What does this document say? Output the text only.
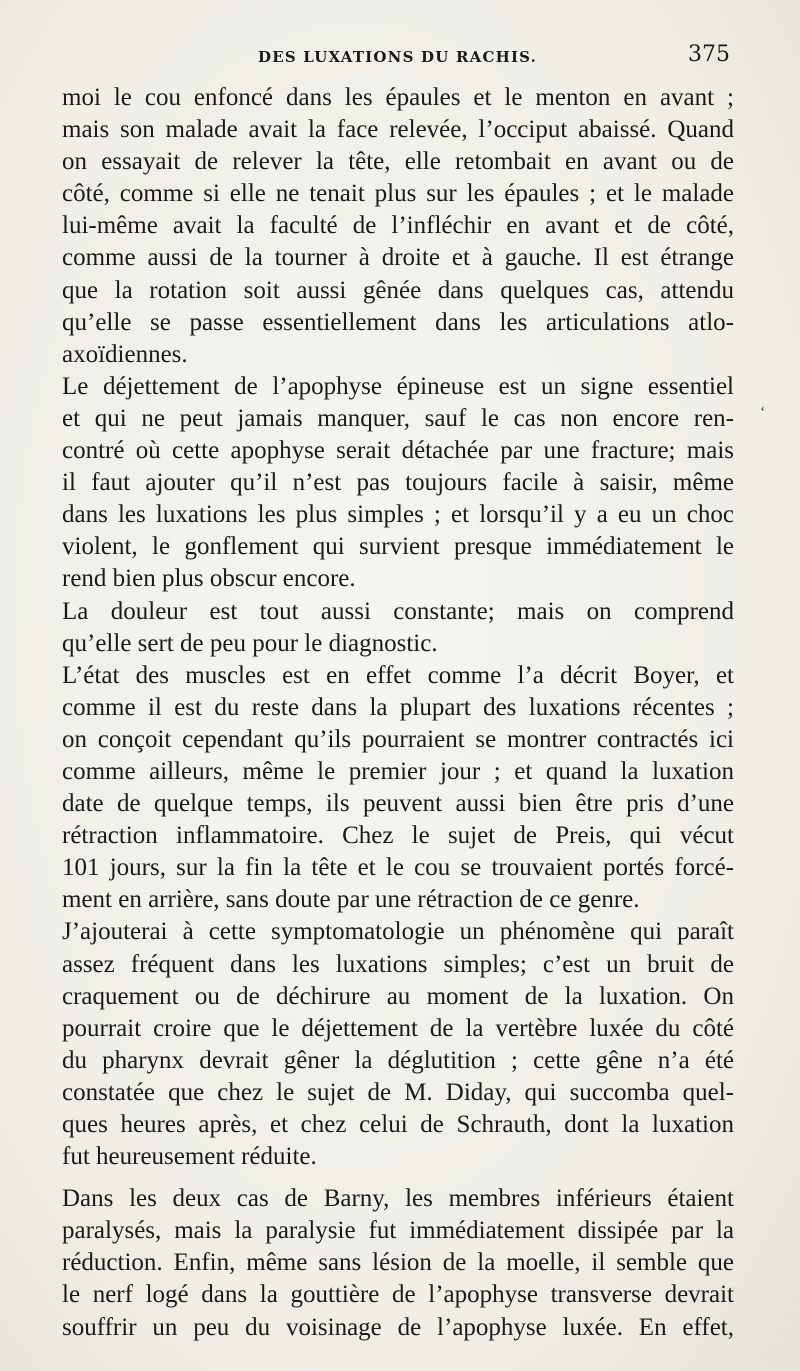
DES LUXATIONS DU RACHIS.	375
moi le cou enfoncé dans les épaules et le menton en avant ;
mais son malade avait la face relevée, l’occiput abaissé. Quand
on essayait de relever la tête, elle retombait en avant ou de
côté, comme si elle ne tenait plus sur les épaules ; et le malade
lui-même avait la faculté de l’infléchir en avant et de côté,
comme aussi de la tourner à droite et à gauche. Il est étrange
que la rotation soit aussi gênée dans quelques cas, attendu
qu’elle se passe essentiellement dans les articulations atlo-
axoïdiennes.
Le déjettement de l’apophyse épineuse est un signe essentiel
et qui ne peut jamais manquer, sauf le cas non encore ren-
contré où cette apophyse serait détachée par une fracture; mais
il faut ajouter qu’il n’est pas toujours facile à saisir, même
dans les luxations les plus simples ; et lorsqu’il y a eu un choc
violent, le gonflement qui survient presque immédiatement le
rend bien plus obscur encore.
La douleur est tout aussi constante; mais on comprend
qu’elle sert de peu pour le diagnostic.
L’état des muscles est en effet comme l’a décrit Boyer, et
comme il est du reste dans la plupart des luxations récentes ;
on conçoit cependant qu’ils pourraient se montrer contractés ici
comme ailleurs, même le premier jour ; et quand la luxation
date de quelque temps, ils peuvent aussi bien être pris d’une
rétraction inflammatoire. Chez le sujet de Preis, qui vécut
101 jours, sur la fin la tête et le cou se trouvaient portés forcé-
ment en arrière, sans doute par une rétraction de ce genre.
J’ajouterai à cette symptomatologie un phénomène qui paraît
assez fréquent dans les luxations simples; c’est un bruit de
craquement ou de déchirure au moment de la luxation. On
pourrait croire que le déjettement de la vertèbre luxée du côté
du pharynx devrait gêner la déglutition ; cette gêne n’a été
constatée que chez le sujet de M. Diday, qui succomba quel-
ques heures après, et chez celui de Schrauth, dont la luxation
fut heureusement réduite.
Dans les deux cas de Barny, les membres inférieurs étaient
paralysés, mais la paralysie fut immédiatement dissipée par la
réduction. Enfin, même sans lésion de la moelle, il semble que
le nerf logé dans la gouttière de l’apophyse transverse devrait
souffrir un peu du voisinage de l’apophyse luxée. En effet,
ʻ
